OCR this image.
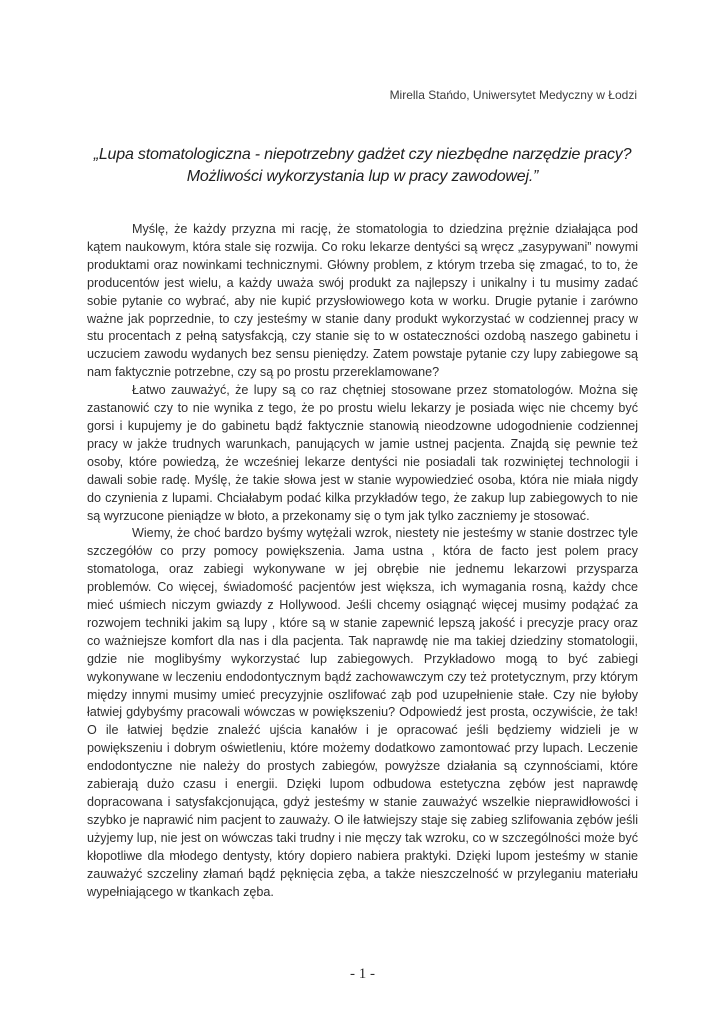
Mirella Stańdo, Uniwersytet Medyczny w Łodzi
„Lupa stomatologiczna - niepotrzebny gadżet czy niezbędne narzędzie pracy?
Możliwości wykorzystania lup w pracy zawodowej.”

Myślę, że każdy przyzna mi rację, że stomatologia to dziedzina prężnie działająca pod kątem naukowym, która stale się rozwija. Co roku lekarze dentyści są wręcz „zasypywani” nowymi produktami oraz nowinkami technicznymi. Główny problem, z którym trzeba się zmagać, to to, że producentów jest wielu, a każdy uważa swój produkt za najlepszy i unikalny i tu musimy zadać sobie pytanie co wybrać, aby nie kupić przysłowiowego kota w worku. Drugie pytanie i zarówno ważne jak poprzednie, to czy jesteśmy w stanie dany produkt wykorzystać w codziennej pracy w stu procentach z pełną satysfakcją, czy stanie się to w ostateczności ozdobą naszego gabinetu i uczuciem zawodu wydanych bez sensu pieniędzy. Zatem powstaje pytanie czy lupy zabiegowe są nam faktycznie potrzebne, czy są po prostu przereklamowane?

Łatwo zauważyć, że lupy są co raz chętniej stosowane przez stomatologów. Można się zastanowić czy to nie wynika z tego, że po prostu wielu lekarzy je posiada więc nie chcemy być gorsi i kupujemy je do gabinetu bądź faktycznie stanowią nieodzowne udogodnienie codziennej pracy w jakże trudnych warunkach, panujących w jamie ustnej pacjenta. Znajdą się pewnie też osoby, które powiedzą, że wcześniej lekarze dentyści nie posiadali tak rozwiniętej technologii i dawali sobie radę. Myślę, że takie słowa jest w stanie wypowiedzieć osoba, która nie miała nigdy do czynienia z lupami. Chciałabym podać kilka przykładów tego, że zakup lup zabiegowych to nie są wyrzucone pieniądze w błoto, a przekonamy się o tym jak tylko zaczniemy je stosować.

Wiemy, że choć bardzo byśmy wytężali wzrok, niestety nie jesteśmy w stanie dostrzec tyle szczegółów co przy pomocy powiększenia. Jama ustna , która de facto jest polem pracy stomatologa, oraz zabiegi wykonywane w jej obrębie nie jednemu lekarzowi przysparza problemów. Co więcej, świadomość pacjentów jest większa, ich wymagania rosną, każdy chce mieć uśmiech niczym gwiazdy z Hollywood. Jeśli chcemy osiągnąć więcej musimy podążać za rozwojem techniki jakim są lupy , które są w stanie zapewnić lepszą jakość i precyzje pracy oraz co ważniejsze komfort dla nas i dla pacjenta. Tak naprawdę nie ma takiej dziedziny stomatologii, gdzie nie moglibyśmy wykorzystać lup zabiegowych. Przykładowo mogą to być zabiegi wykonywane w leczeniu endodontycznym bądź zachowawczym czy też protetycznym, przy którym między innymi musimy umieć precyzyjnie oszlifować ząb pod uzupełnienie stałe. Czy nie byłoby łatwiej gdybyśmy pracowali wówczas w powiększeniu? Odpowiedź jest prosta, oczywiście, że tak! O ile łatwiej będzie znaleźć ujścia kanałów i je opracować jeśli będziemy widzieli je w powiększeniu i dobrym oświetleniu, które możemy dodatkowo zamontować przy lupach. Leczenie endodontyczne nie należy do prostych zabiegów, powyższe działania są czynnościami, które zabierają dużo czasu i energii. Dzięki lupom odbudowa estetyczna zębów jest naprawdę dopracowana i satysfakcjonująca, gdyż jesteśmy w stanie zauważyć wszelkie nieprawidłowości i szybko je naprawić nim pacjent to zauważy. O ile łatwiejszy staje się zabieg szlifowania zębów jeśli użyjemy lup, nie jest on wówczas taki trudny i nie męczy tak wzroku, co w szczególności może być kłopotliwe dla młodego dentysty, który dopiero nabiera praktyki. Dzięki lupom jesteśmy w stanie zauważyć szczeliny złamań bądź pęknięcia zęba, a także nieszczelność w przyleganiu materiału wypełniającego w tkankach zęba.

- 1 -
